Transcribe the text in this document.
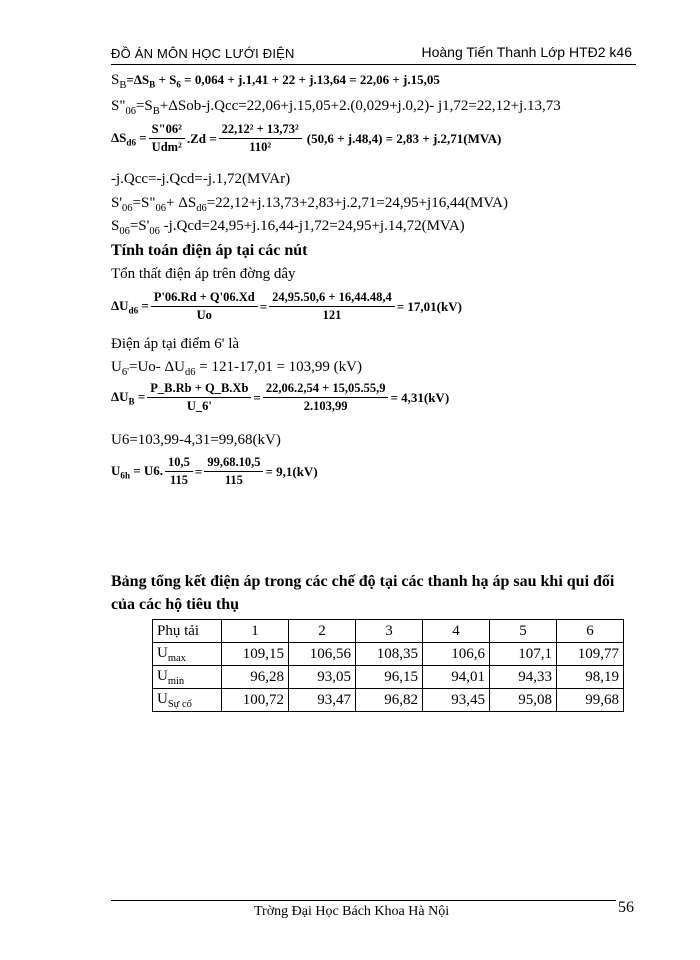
ĐỒ ÁN MÔN HỌC LƯỚI ĐIỆN	Hoàng Tiến Thanh Lớp HTĐ2 k46
$S_B=\Delta S_B + S_6 = 0,064 + j.1,41 + 22 + j.13,64 = 22,06 + j.15,05$
$S"_{06}=S_B+\Delta Sob-j.Qcc=22,06+j.15,05+2.(0,029+j.0,2)-$ j1,72=22,12+j.13,73
$\Delta S_{d6} = \frac{\text{S"06²}}{\text{Udm²}} .Zd = \frac{\text{22,12² + 13,73²}}{\text{110²}} (50,6 + j.48,4) = 2,83 + j.2,71(MVA)$
-j.Qcc=-j.Qcd=-j.1,72(MVAr)
$S'_{06}=S"_{06}+ \Delta S_{d6}=22,12+j.13,73+2,83+j.2,71=24,95+j16,44(MVA)$
$S_{06}=S'_{06}$ -j.Qcd=24,95+j.16,44-j1,72=24,95+j.14,72(MVA)
Tính toán điện áp tại các nút
Tổn thất điện áp trên đờng dây
$\Delta U_{d6} = \frac{P'06.Rd + Q'06.Xd}{Uo} = \frac{24,95.50,6 + 16,44.48,4}{121} = 17,01(kV)$
Điện áp tại điểm 6' là
$U_{6'}=Uo-$ $\Delta U_{d6} = 121-17,01 = 103,99$ (kV)
$\Delta U_B = \frac{P\_B.Rb + Q\_B.Xb}{U\_6'} = \frac{22,06.2,54 + 15,05.55,9}{2.103,99} = 4,31(kV)$
U6=103,99-4,31=99,68(kV)
$U_{6h} = U6$. $\frac{10,5}{115} = \frac{99,68.10,5}{115} = 9,1(kV)$
Bảng tổng kết điện áp trong các chế độ tại các thanh hạ áp sau khi qui đổi
của các hộ tiêu thụ
Phụ tải	1	2	3	4	5	6
$U_{max}$	109,15	106,56	108,35	106,6	107,1	109,77
$U_{min}$	96,28	93,05	96,15	94,01	94,33	98,19
$U_{Sự cố}$	100,72	93,47	96,82	93,45	95,08	99,68
Trờng Đại Học Bách Khoa Hà Nội	56
